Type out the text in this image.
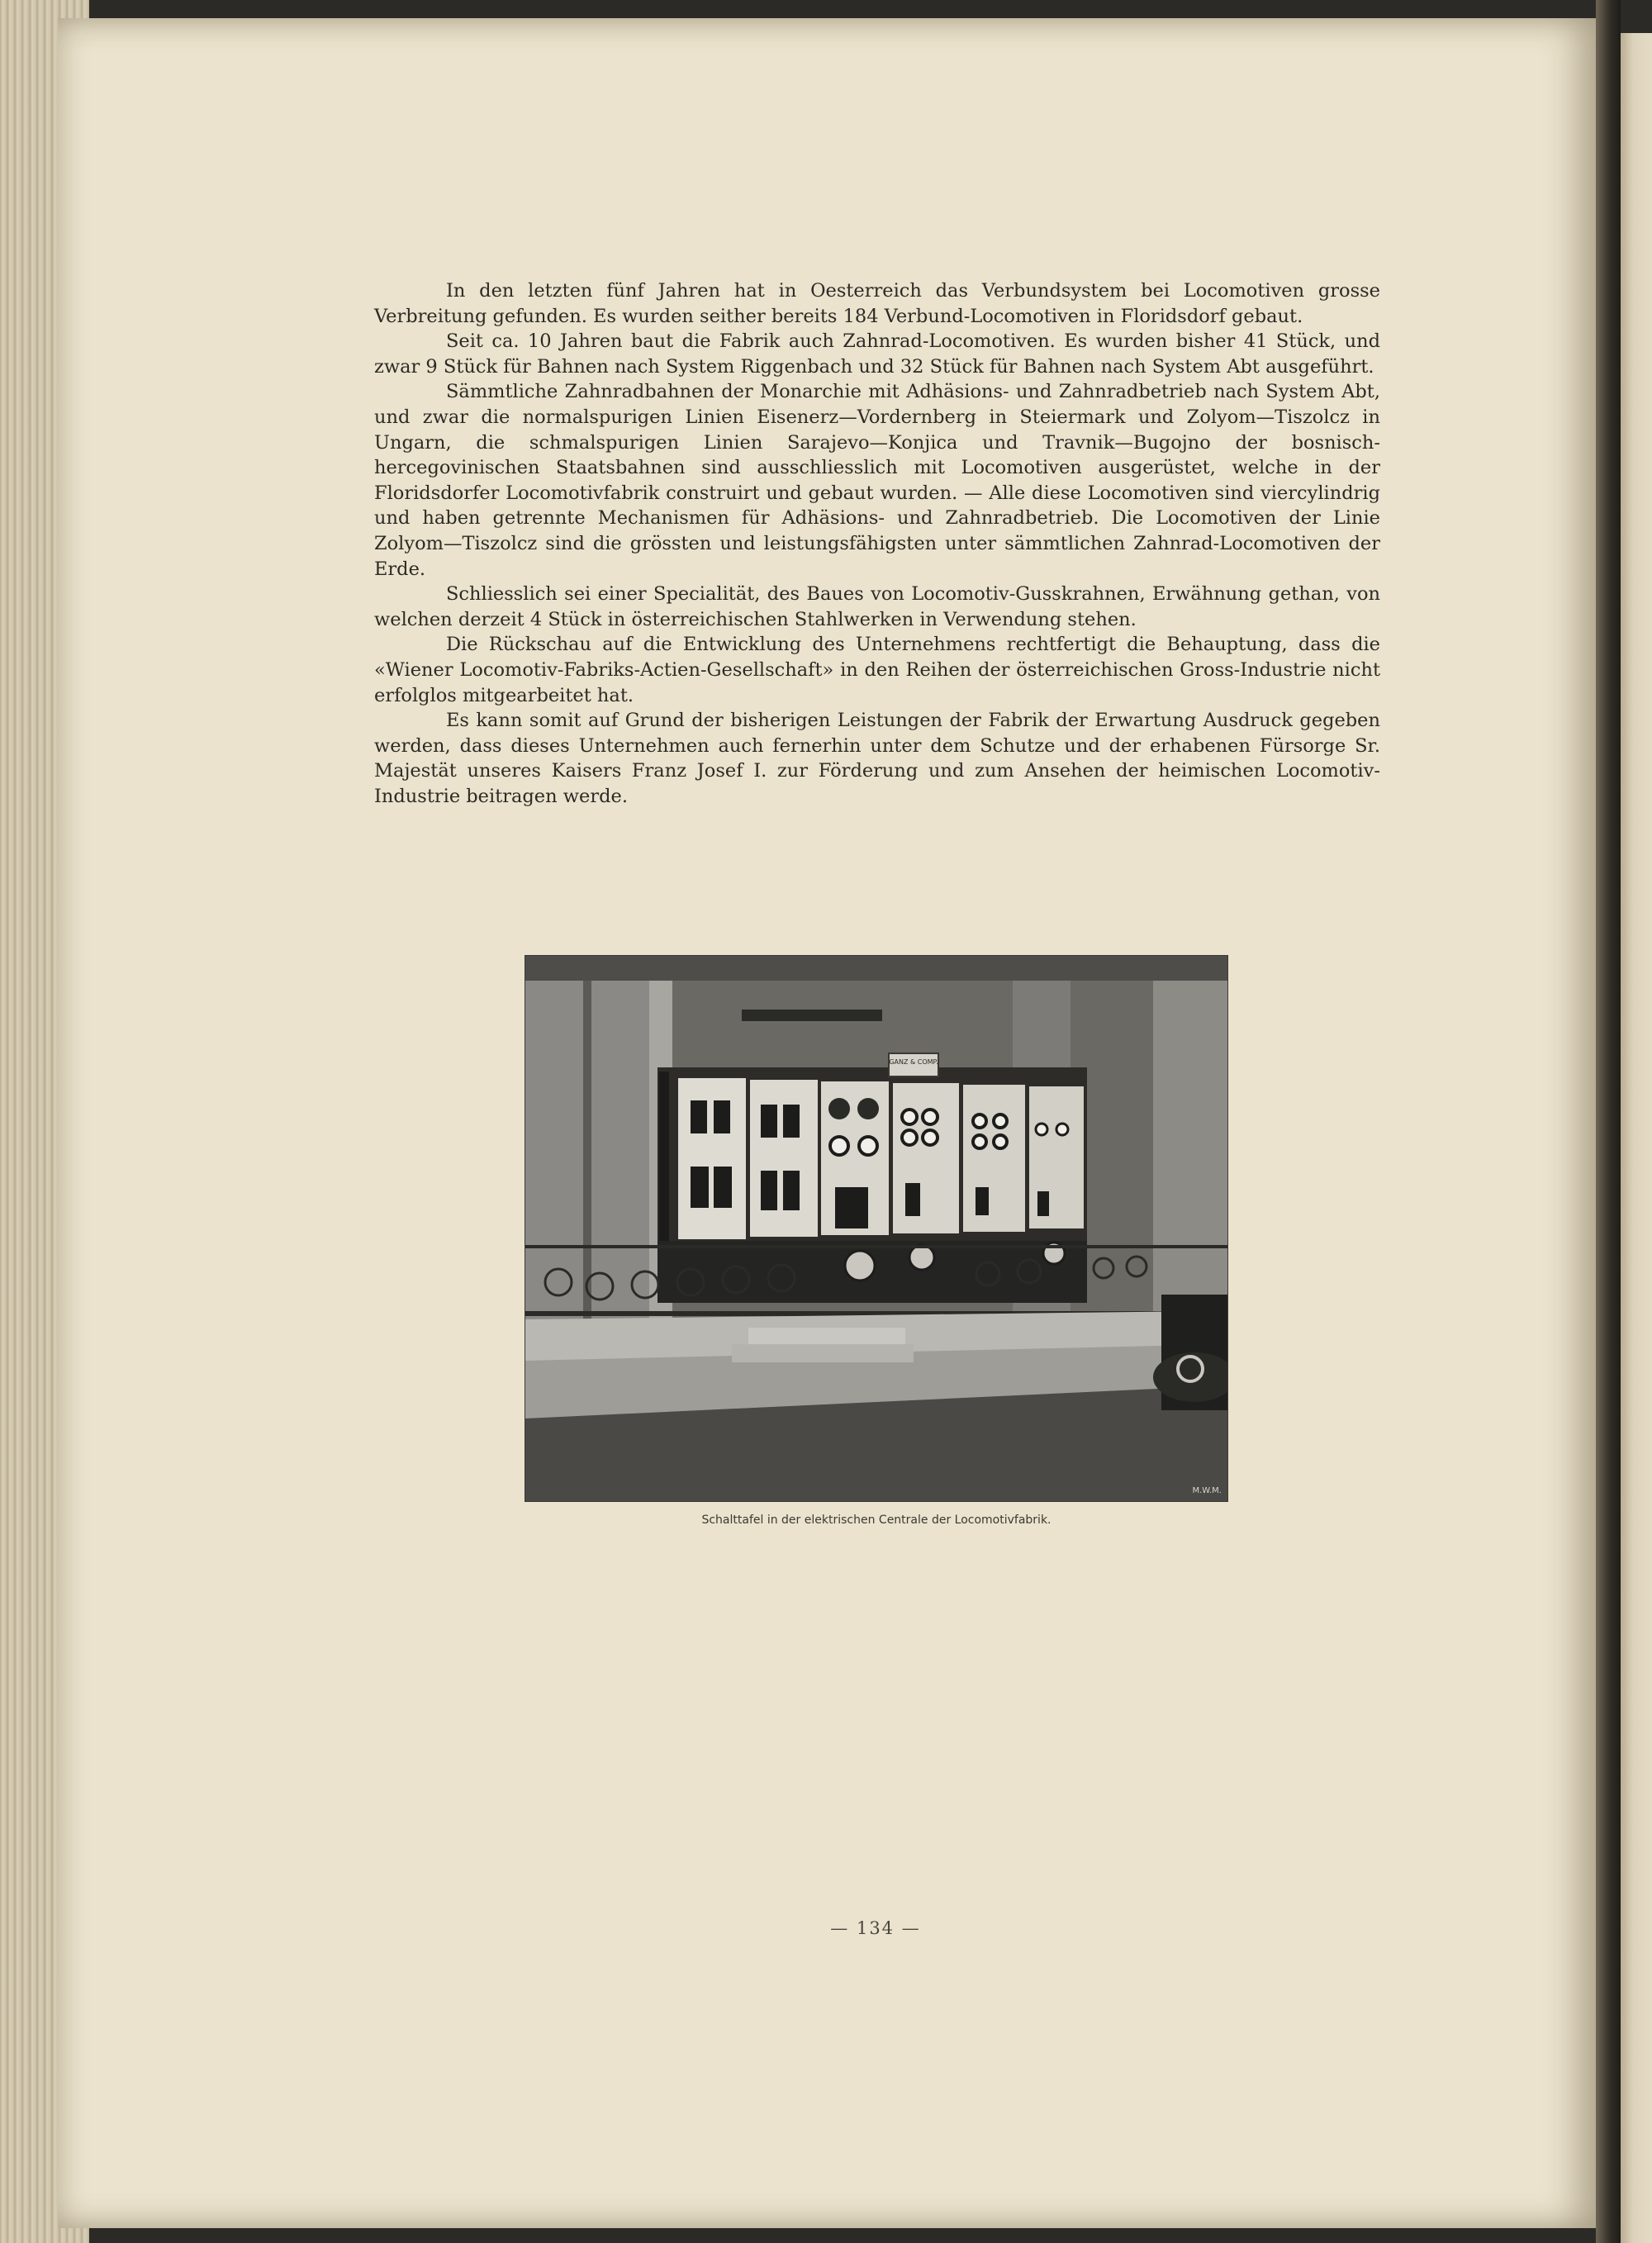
In den letzten fünf Jahren hat in Oesterreich das Verbundsystem bei Locomotiven grosse Verbreitung gefunden. Es wurden seither bereits 184 Verbund-Locomotiven in Floridsdorf gebaut.

Seit ca. 10 Jahren baut die Fabrik auch Zahnrad-Locomotiven. Es wurden bisher 41 Stück, und zwar 9 Stück für Bahnen nach System Riggenbach und 32 Stück für Bahnen nach System Abt ausgeführt.

Sämmtliche Zahnradbahnen der Monarchie mit Adhäsions- und Zahnradbetrieb nach System Abt, und zwar die normalspurigen Linien Eisenerz—Vordernberg in Steiermark und Zolyom—Tiszolcz in Ungarn, die schmalspurigen Linien Sarajevo—Konjica und Travnik—Bugojno der bosnisch-hercegovinischen Staatsbahnen sind ausschliesslich mit Locomotiven ausgerüstet, welche in der Floridsdorfer Locomotivfabrik construirt und gebaut wurden. — Alle diese Locomotiven sind viercylindrig und haben getrennte Mechanismen für Adhäsions- und Zahnradbetrieb. Die Locomotiven der Linie Zolyom—Tiszolcz sind die grössten und leistungsfähigsten unter sämmtlichen Zahnrad-Locomotiven der Erde.

Schliesslich sei einer Specialität, des Baues von Locomotiv-Gusskrahnen, Erwähnung gethan, von welchen derzeit 4 Stück in österreichischen Stahlwerken in Verwendung stehen.

Die Rückschau auf die Entwicklung des Unternehmens rechtfertigt die Behauptung, dass die «Wiener Locomotiv-Fabriks-Actien-Gesellschaft» in den Reihen der österreichischen Gross-Industrie nicht erfolglos mitgearbeitet hat.

Es kann somit auf Grund der bisherigen Leistungen der Fabrik der Erwartung Ausdruck gegeben werden, dass dieses Unternehmen auch fernerhin unter dem Schutze und der erhabenen Fürsorge Sr. Majestät unseres Kaisers Franz Josef I. zur Förderung und zum Ansehen der heimischen Locomotiv-Industrie beitragen werde.

GANZ & COMP.
M.W.M.
Schalttafel in der elektrischen Centrale der Locomotivfabrik.
— 134 —
